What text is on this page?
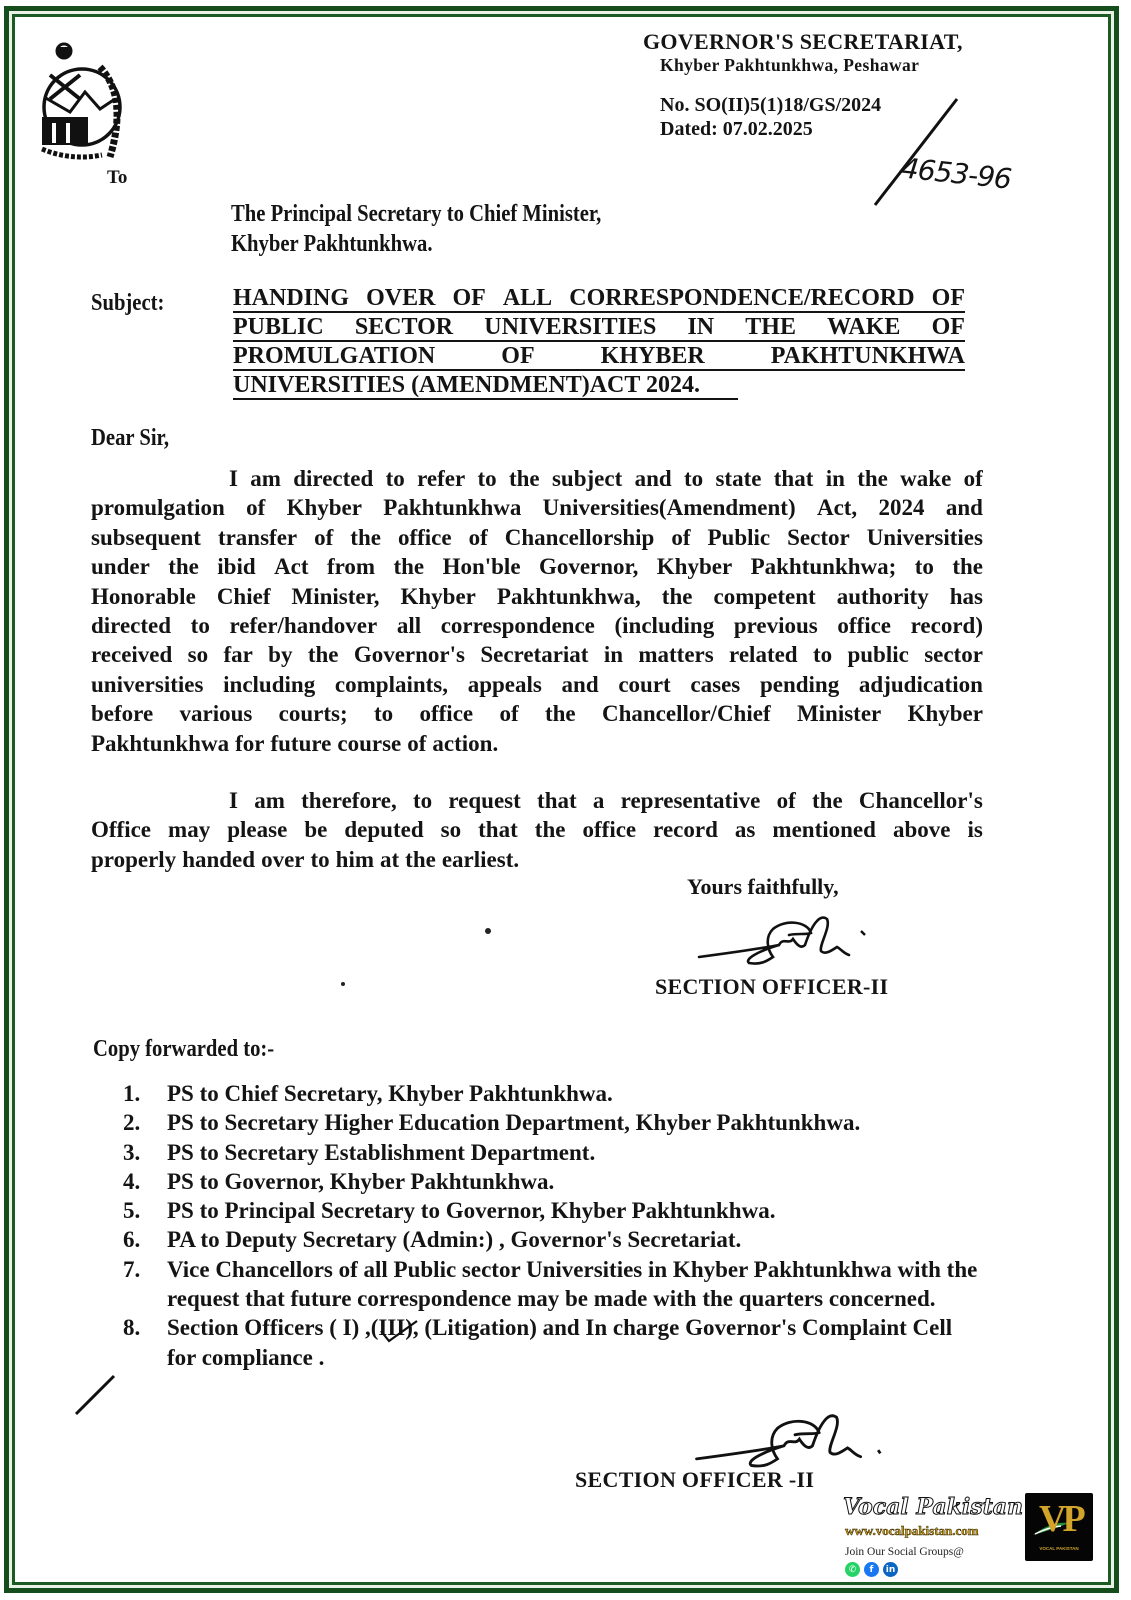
To
GOVERNOR'S SECRETARIAT,
Khyber Pakhtunkhwa, Peshawar
No. SO(II)5(1)18/GS/2024
Dated: 07.02.2025
4653-96
The Principal Secretary to Chief Minister,
Khyber Pakhtunkhwa.
Subject:	HANDING OVER OF ALL CORRESPONDENCE/RECORD OF
PUBLIC SECTOR UNIVERSITIES IN THE WAKE OF
PROMULGATION	OF	KHYBER	PAKHTUNKHWA
UNIVERSITIES (AMENDMENT)ACT 2024.
Dear Sir,
I am directed to refer to the subject and to state that in the wake of
promulgation of Khyber Pakhtunkhwa Universities(Amendment) Act, 2024 and
subsequent transfer of the office of Chancellorship of Public Sector Universities
under the ibid Act from the Hon'ble Governor, Khyber Pakhtunkhwa; to the
Honorable Chief Minister, Khyber Pakhtunkhwa, the competent authority has
directed to refer/handover all correspondence (including previous office record)
received so far by the Governor's Secretariat in matters related to public sector
universities including complaints, appeals and court cases pending adjudication
before various courts; to office of the Chancellor/Chief Minister Khyber
Pakhtunkhwa for future course of action.
I am therefore, to request that a representative of the Chancellor's
Office may please be deputed so that the office record as mentioned above is
properly handed over to him at the earliest.
Yours faithfully,
SECTION OFFICER-II
Copy forwarded to:-
1.	PS to Chief Secretary, Khyber Pakhtunkhwa.
2.	PS to Secretary Higher Education Department, Khyber Pakhtunkhwa.
3.	PS to Secretary Establishment Department.
4.	PS to Governor, Khyber Pakhtunkhwa.
5.	PS to Principal Secretary to Governor, Khyber Pakhtunkhwa.
6.	PA to Deputy Secretary (Admin:) , Governor's Secretariat.
7.	Vice Chancellors of all Public sector Universities in Khyber Pakhtunkhwa with the request that future correspondence may be made with the quarters concerned.
8.	Section Officers ( I) ,(III), (Litigation) and In charge Governor's Complaint Cell for compliance .
SECTION OFFICER -II
Vocal Pakistan
www.vocalpakistan.com
Join Our Social Groups@
✆	f	in
VP
VOCAL PAKISTAN
